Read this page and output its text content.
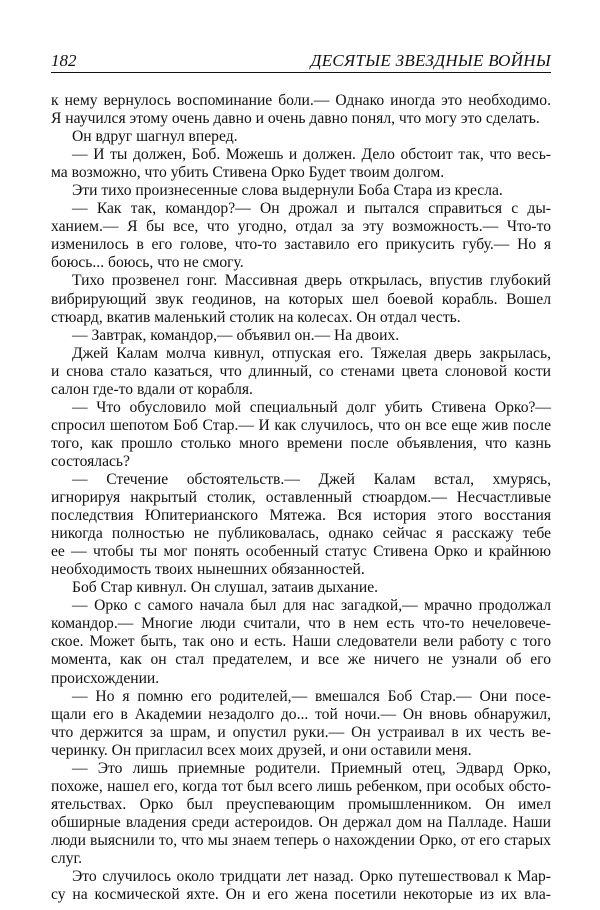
182	ДЕСЯТЫЕ ЗВЕЗДНЫЕ ВОЙНЫ
к нему вернулось воспоминание боли.— Однако иногда это необходимо.
Я научился этому очень давно и очень давно понял, что могу это сделать.
Он вдруг шагнул вперед.
— И ты должен, Боб. Можешь и должен. Дело обстоит так, что весь-
ма возможно, что убить Стивена Орко Будет твоим долгом.
Эти тихо произнесенные слова выдернули Боба Стара из кресла.
— Как так, командор?— Он дрожал и пытался справиться с ды-
ханием.— Я бы все, что угодно, отдал за эту возможность.— Что-то
изменилось в его голове, что-то заставило его прикусить губу.— Но я
боюсь... боюсь, что не смогу.
Тихо прозвенел гонг. Массивная дверь открылась, впустив глубокий
вибрирующий звук геодинов, на которых шел боевой корабль. Вошел
стюард, вкатив маленький столик на колесах. Он отдал честь.
— Завтрак, командор,— объявил он.— На двоих.
Джей Калам молча кивнул, отпуская его. Тяжелая дверь закрылась,
и снова стало казаться, что длинный, со стенами цвета слоновой кости
салон где-то вдали от корабля.
— Что обусловило мой специальный долг убить Стивена Орко?—
спросил шепотом Боб Стар.— И как случилось, что он все еще жив после
того, как прошло столько много времени после объявления, что казнь
состоялась?
— Стечение обстоятельств.— Джей Калам встал, хмурясь,
игнорируя накрытый столик, оставленный стюардом.— Несчастливые
последствия Юпитерианского Мятежа. Вся история этого восстания
никогда полностью не публиковалась, однако сейчас я расскажу тебе
ее — чтобы ты мог понять особенный статус Стивена Орко и крайнюю
необходимость твоих нынешних обязанностей.
Боб Стар кивнул. Он слушал, затаив дыхание.
— Орко с самого начала был для нас загадкой,— мрачно продолжал
командор.— Многие люди считали, что в нем есть что-то нечеловече-
ское. Может быть, так оно и есть. Наши следователи вели работу с того
момента, как он стал предателем, и все же ничего не узнали об его
происхождении.
— Но я помню его родителей,— вмешался Боб Стар.— Они посе-
щали его в Академии незадолго до... той ночи.— Он вновь обнаружил,
что держится за шрам, и опустил руки.— Он устраивал в их честь ве-
черинку. Он пригласил всех моих друзей, и они оставили меня.
— Это лишь приемные родители. Приемный отец, Эдвард Орко,
похоже, нашел его, когда тот был всего лишь ребенком, при особых обсто-
ятельствах. Орко был преуспевающим промышленником. Он имел
обширные владения среди астероидов. Он держал дом на Палладе. Наши
люди выяснили то, что мы знаем теперь о нахождении Орко, от его старых
слуг.
Это случилось около тридцати лет назад. Орко путешествовал к Мар-
су на космической яхте. Он и его жена посетили некоторые из их вла-
